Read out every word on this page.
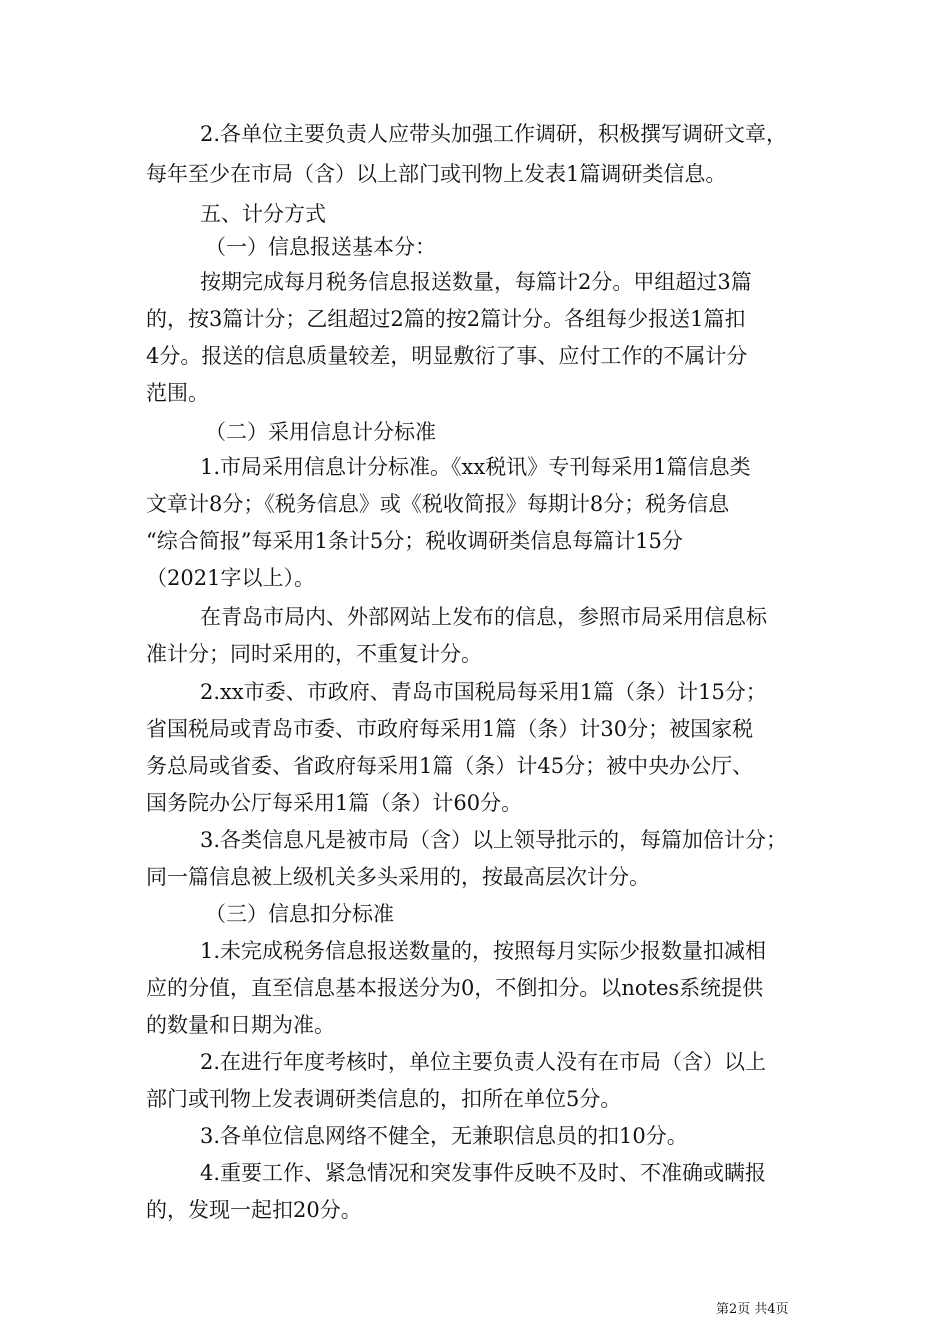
2.各单位主要负责人应带头加强工作调研，积极撰写调研文章，
每年至少在市局（含）以上部门或刊物上发表1篇调研类信息。
五、计分方式
（一）信息报送基本分：
按期完成每月税务信息报送数量，每篇计2分。甲组超过3篇
的，按3篇计分；乙组超过2篇的按2篇计分。各组每少报送1篇扣
4分。报送的信息质量较差，明显敷衍了事、应付工作的不属计分
范围。
（二）采用信息计分标准
1.市局采用信息计分标准。《xx税讯》专刊每采用1篇信息类
文章计8分；《税务信息》或《税收简报》每期计8分；税务信息
“综合简报”每采用1条计5分；税收调研类信息每篇计15分
（2021字以上）。
在青岛市局内、外部网站上发布的信息，参照市局采用信息标
准计分；同时采用的，不重复计分。
2.xx市委、市政府、青岛市国税局每采用1篇（条）计15分；
省国税局或青岛市委、市政府每采用1篇（条）计30分；被国家税
务总局或省委、省政府每采用1篇（条）计45分；被中央办公厅、
国务院办公厅每采用1篇（条）计60分。
3.各类信息凡是被市局（含）以上领导批示的，每篇加倍计分；
同一篇信息被上级机关多头采用的，按最高层次计分。
（三）信息扣分标准
1.未完成税务信息报送数量的，按照每月实际少报数量扣减相
应的分值，直至信息基本报送分为0，不倒扣分。以notes系统提供
的数量和日期为准。
2.在进行年度考核时，单位主要负责人没有在市局（含）以上
部门或刊物上发表调研类信息的，扣所在单位5分。
3.各单位信息网络不健全，无兼职信息员的扣10分。
4.重要工作、紧急情况和突发事件反映不及时、不准确或瞒报
的，发现一起扣20分。
第2页 共4页
